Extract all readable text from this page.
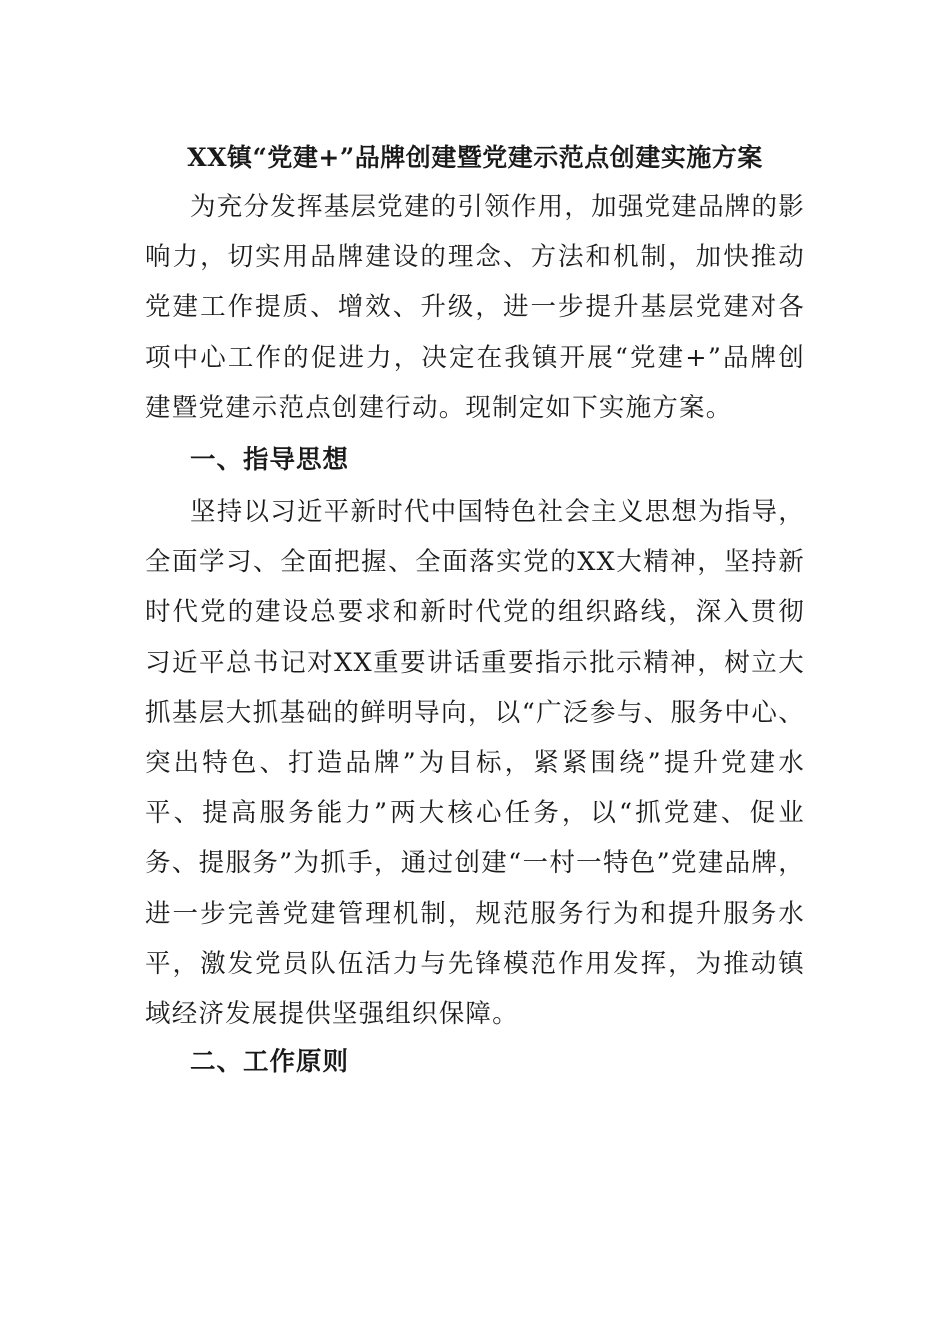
XX镇“党建+”品牌创建暨党建示范点创建实施方案

为充分发挥基层党建的引领作用，加强党建品牌的影响力，切实用品牌建设的理念、方法和机制，加快推动党建工作提质、增效、升级，进一步提升基层党建对各项中心工作的促进力，决定在我镇开展“党建+”品牌创建暨党建示范点创建行动。现制定如下实施方案。

一、指导思想

坚持以习近平新时代中国特色社会主义思想为指导，全面学习、全面把握、全面落实党的XX大精神，坚持新时代党的建设总要求和新时代党的组织路线，深入贯彻习近平总书记对XX重要讲话重要指示批示精神，树立大抓基层大抓基础的鲜明导向，以“广泛参与、服务中心、突出特色、打造品牌”为目标，紧紧围绕”提升党建水平、提高服务能力”两大核心任务，以“抓党建、促业务、提服务”为抓手，通过创建“一村一特色”党建品牌，进一步完善党建管理机制，规范服务行为和提升服务水平，激发党员队伍活力与先锋模范作用发挥，为推动镇域经济发展提供坚强组织保障。

二、工作原则
